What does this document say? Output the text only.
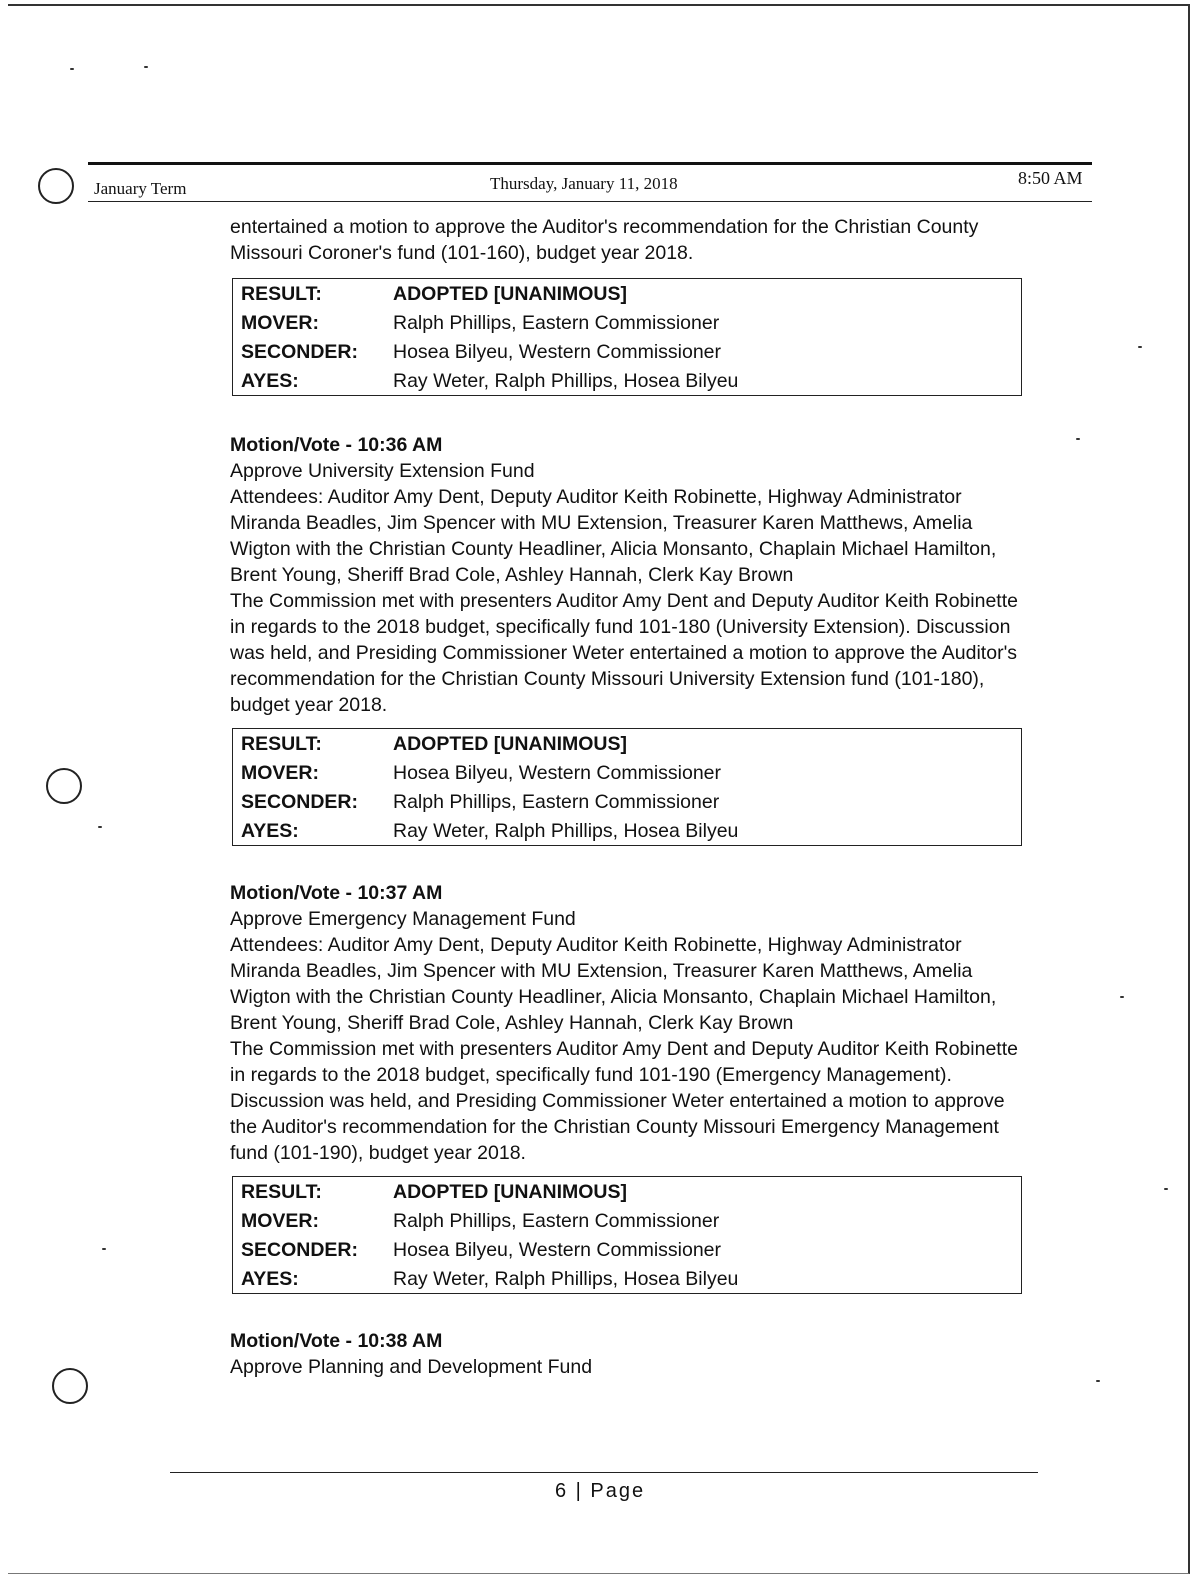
January Term	Thursday, January 11, 2018	8:50 AM

entertained a motion to approve the Auditor's recommendation for the Christian County Missouri Coroner's fund (101-160), budget year 2018.

RESULT:	ADOPTED [UNANIMOUS]
MOVER:	Ralph Phillips, Eastern Commissioner
SECONDER:	Hosea Bilyeu, Western Commissioner
AYES:	Ray Weter, Ralph Phillips, Hosea Bilyeu

Motion/Vote - 10:36 AM

Approve University Extension Fund

Attendees: Auditor Amy Dent, Deputy Auditor Keith Robinette, Highway Administrator Miranda Beadles, Jim Spencer with MU Extension, Treasurer Karen Matthews, Amelia Wigton with the Christian County Headliner, Alicia Monsanto, Chaplain Michael Hamilton, Brent Young, Sheriff Brad Cole, Ashley Hannah, Clerk Kay Brown

The Commission met with presenters Auditor Amy Dent and Deputy Auditor Keith Robinette in regards to the 2018 budget, specifically fund 101-180 (University Extension). Discussion was held, and Presiding Commissioner Weter entertained a motion to approve the Auditor's recommendation for the Christian County Missouri University Extension fund (101-180), budget year 2018.

RESULT:	ADOPTED [UNANIMOUS]
MOVER:	Hosea Bilyeu, Western Commissioner
SECONDER:	Ralph Phillips, Eastern Commissioner
AYES:	Ray Weter, Ralph Phillips, Hosea Bilyeu

Motion/Vote - 10:37 AM

Approve Emergency Management Fund

Attendees: Auditor Amy Dent, Deputy Auditor Keith Robinette, Highway Administrator Miranda Beadles, Jim Spencer with MU Extension, Treasurer Karen Matthews, Amelia Wigton with the Christian County Headliner, Alicia Monsanto, Chaplain Michael Hamilton, Brent Young, Sheriff Brad Cole, Ashley Hannah, Clerk Kay Brown

The Commission met with presenters Auditor Amy Dent and Deputy Auditor Keith Robinette in regards to the 2018 budget, specifically fund 101-190 (Emergency Management). Discussion was held, and Presiding Commissioner Weter entertained a motion to approve the Auditor's recommendation for the Christian County Missouri Emergency Management fund (101-190), budget year 2018.

RESULT:	ADOPTED [UNANIMOUS]
MOVER:	Ralph Phillips, Eastern Commissioner
SECONDER:	Hosea Bilyeu, Western Commissioner
AYES:	Ray Weter, Ralph Phillips, Hosea Bilyeu

Motion/Vote - 10:38 AM

Approve Planning and Development Fund

6 | Page
